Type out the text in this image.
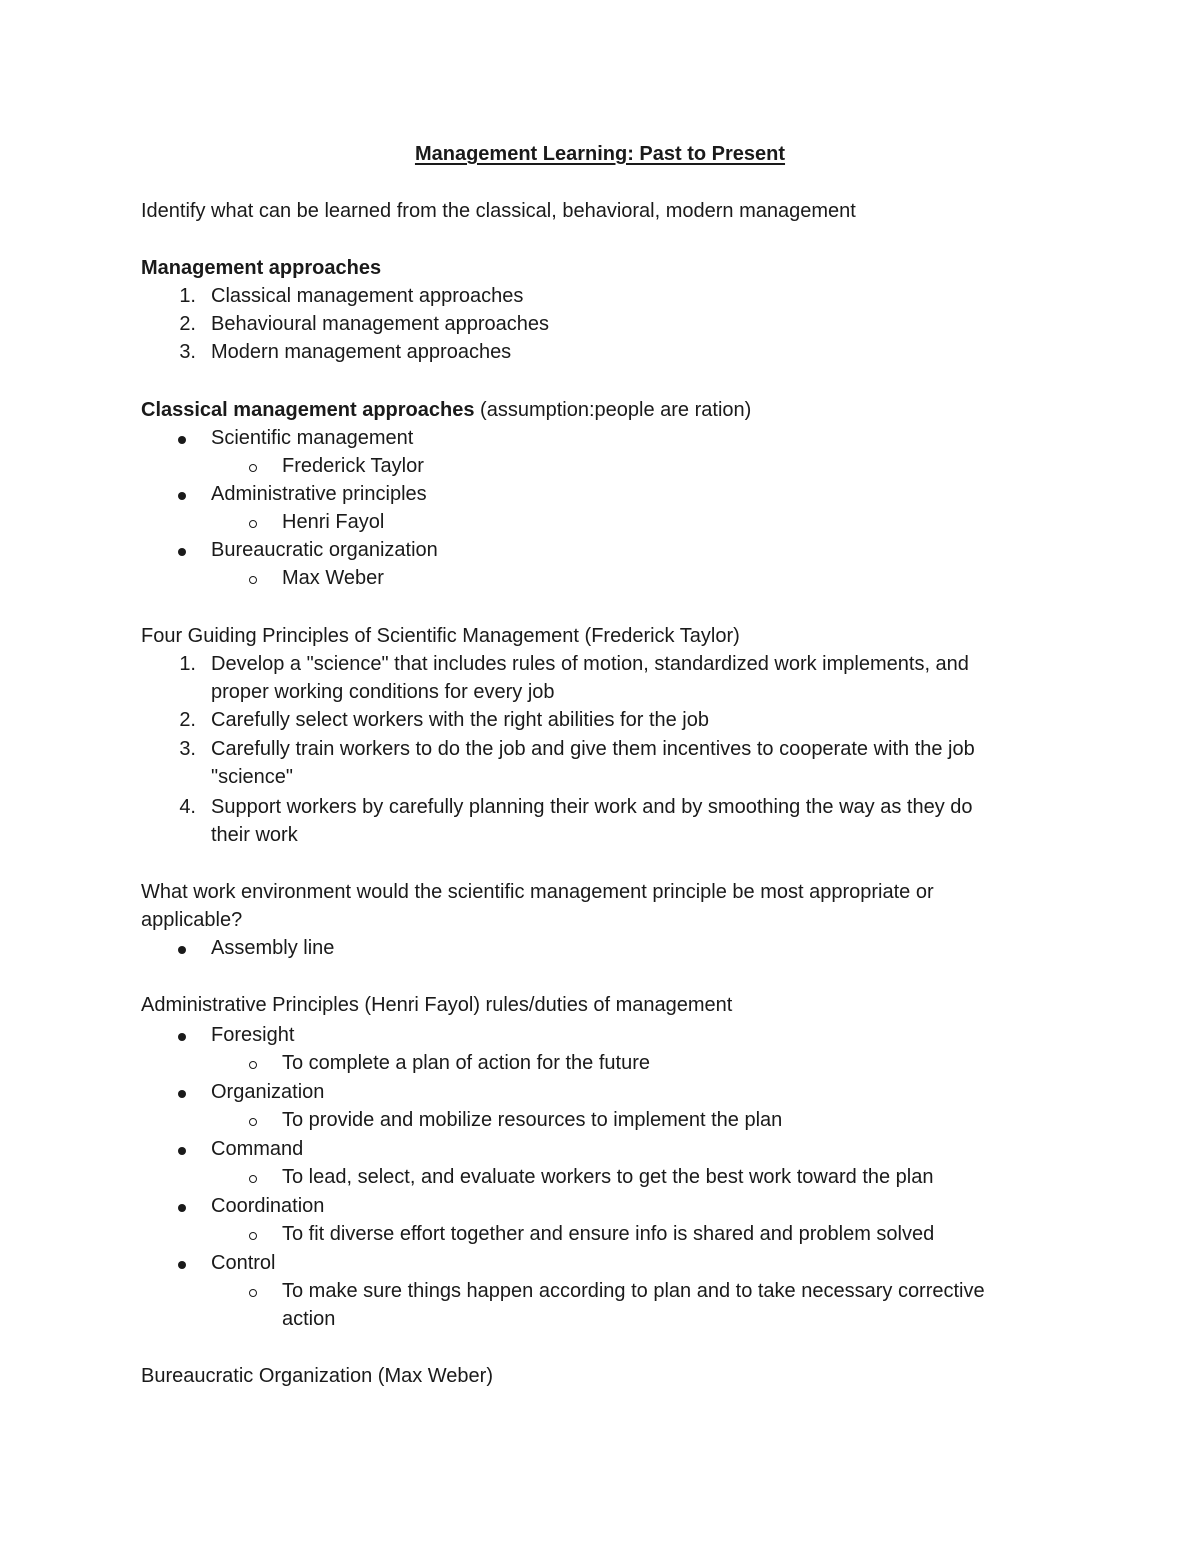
Management Learning: Past to Present
Identify what can be learned from the classical, behavioral, modern management
Management approaches
1. Classical management approaches
2. Behavioural management approaches
3. Modern management approaches
Classical management approaches (assumption:people are ration)
Scientific management
Frederick Taylor
Administrative principles
Henri Fayol
Bureaucratic organization
Max Weber
Four Guiding Principles of Scientific Management (Frederick Taylor)
1. Develop a "science" that includes rules of motion, standardized work implements, and
proper working conditions for every job
2. Carefully select workers with the right abilities for the job
3. Carefully train workers to do the job and give them incentives to cooperate with the job
"science"
4. Support workers by carefully planning their work and by smoothing the way as they do
their work
What work environment would the scientific management principle be most appropriate or
applicable?
Assembly line
Administrative Principles (Henri Fayol) rules/duties of management
Foresight
To complete a plan of action for the future
Organization
To provide and mobilize resources to implement the plan
Command
To lead, select, and evaluate workers to get the best work toward the plan
Coordination
To fit diverse effort together and ensure info is shared and problem solved
Control
To make sure things happen according to plan and to take necessary corrective
action
Bureaucratic Organization (Max Weber)
